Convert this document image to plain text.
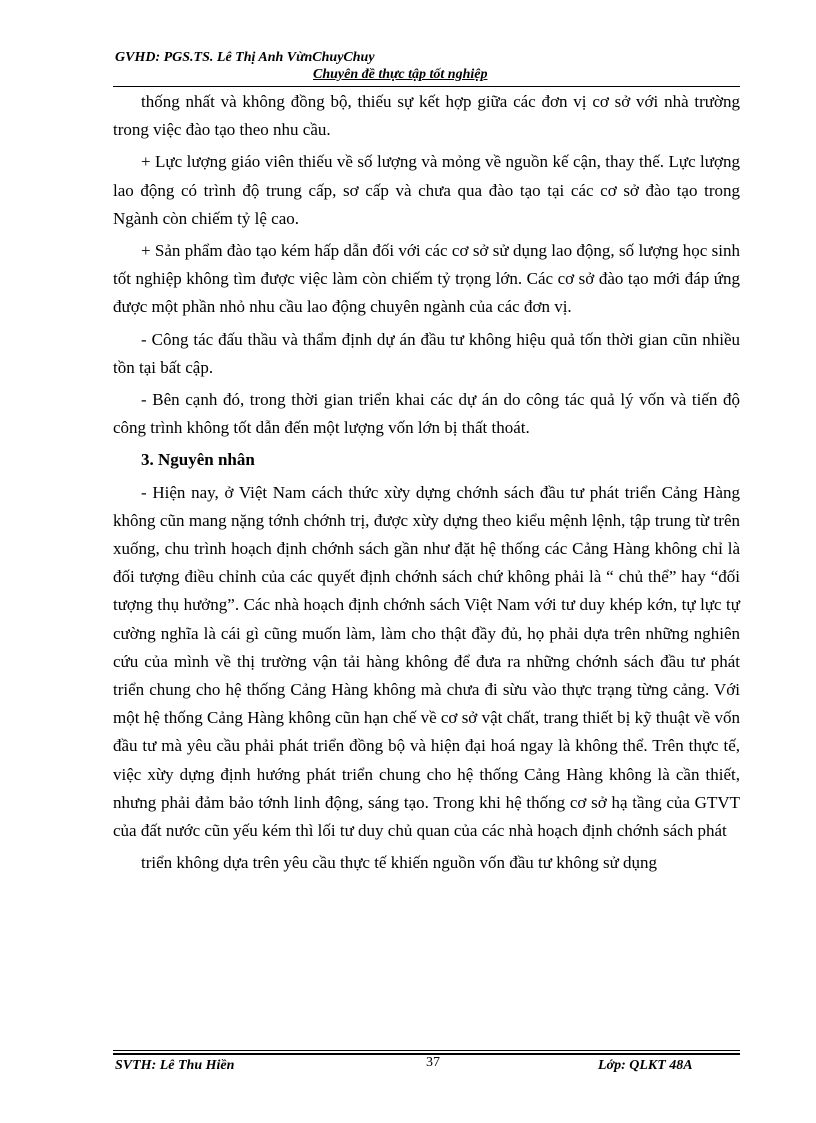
GVHD: PGS.TS. Lê Thị Anh VừnChuyChuy
Chuyên đề thực tập tốt nghiệp

thống nhất và không đồng bộ, thiếu sự kết hợp giữa các đơn vị cơ sở với nhà trường trong việc đào tạo theo nhu cầu.

+ Lực lượng giáo viên thiếu về số lượng và mỏng về nguồn kế cận, thay thế. Lực lượng lao động có trình độ trung cấp, sơ cấp và chưa qua đào tạo tại các cơ sở đào tạo trong Ngành còn chiếm tỷ lệ cao.

+ Sản phẩm đào tạo kém hấp dẫn đối với các cơ sở sử dụng lao động, số lượng học sinh tốt nghiệp không tìm được việc làm còn chiếm tỷ trọng lớn. Các cơ sở đào tạo mới đáp ứng được một phần nhỏ nhu cầu lao động chuyên ngành của các đơn vị.

- Công tác đấu thầu và thẩm định dự án đầu tư không hiệu quả tốn thời gian cũn nhiều tồn tại bất cập.

- Bên cạnh đó, trong thời gian triển khai các dự án do công tác quả lý vốn và tiến độ công trình không tốt dẫn đến một lượng vốn lớn bị thất thoát.

3. Nguyên nhân

- Hiện nay, ở Việt Nam cách thức xừy dựng chớnh sách đầu tư phát triển Cảng Hàng không cũn mang nặng tớnh chớnh trị, được xừy dựng theo kiểu mệnh lệnh, tập trung từ trên xuống, chu trình hoạch định chớnh sách gần như đặt hệ thống các Cảng Hàng không chỉ là đối tượng điều chỉnh của các quyết định chớnh sách chứ không phải là “ chủ thể” hay “đối tượng thụ hưởng”. Các nhà hoạch định chớnh sách Việt Nam với tư duy khép kớn, tự lực tự cường nghĩa là cái gì cũng muốn làm, làm cho thật đầy đủ, họ phải dựa trên những nghiên cứu của mình về thị trường vận tải hàng không để đưa ra những chớnh sách đầu tư phát triển chung cho hệ thống Cảng Hàng không mà chưa đi sừu vào thực trạng từng cảng. Với một hệ thống Cảng Hàng không cũn hạn chế về cơ sở vật chất, trang thiết bị kỹ thuật về vốn đầu tư mà yêu cầu phải phát triển đồng bộ và hiện đại hoá ngay là không thể. Trên thực tế, việc xừy dựng định hướng phát triển chung cho hệ thống Cảng Hàng không là cần thiết, nhưng phải đảm bảo tớnh linh động, sáng tạo. Trong khi hệ thống cơ sở hạ tầng của GTVT của đất nước cũn yếu kém thì lối tư duy chủ quan của các nhà hoạch định chớnh sách phát

triển không dựa trên yêu cầu thực tế khiến nguồn vốn đầu tư không sử dụng

SVTH: Lê Thu Hiền	37	Lớp: QLKT 48A
